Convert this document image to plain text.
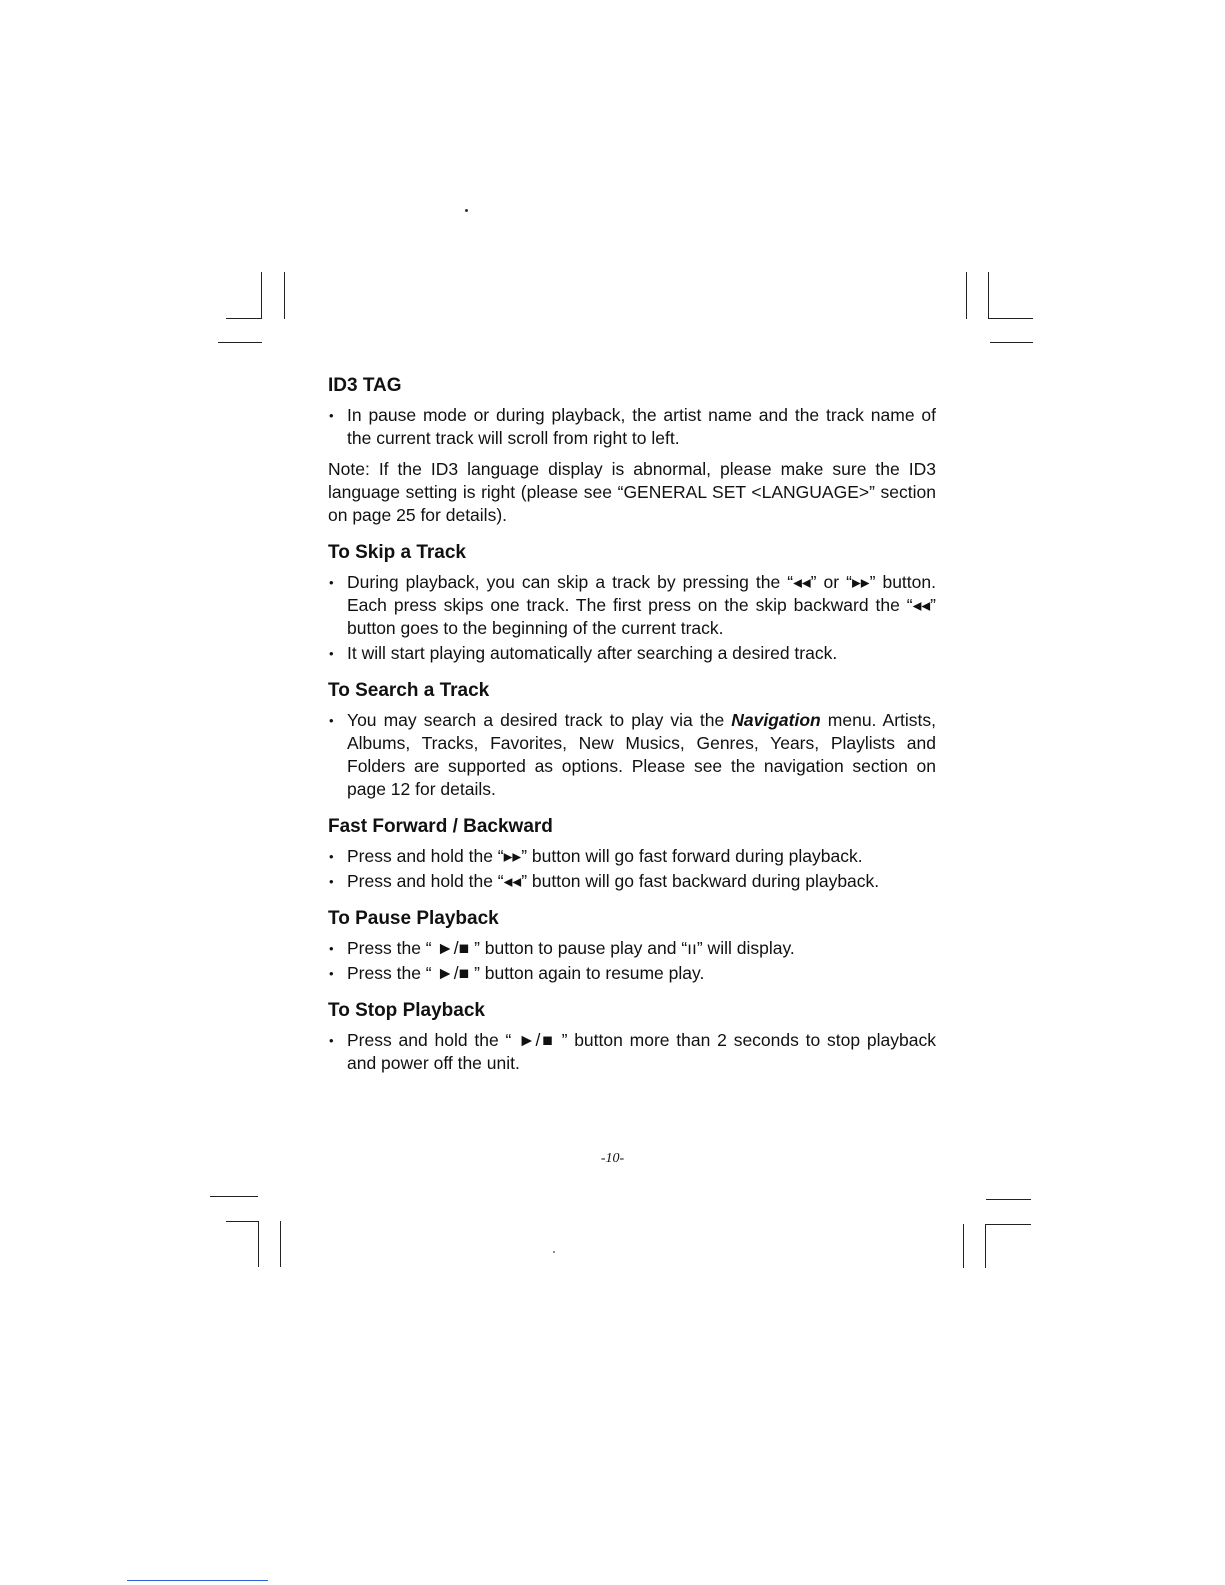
ID3 TAG
• In pause mode or during playback, the artist name and the track name of the current track will scroll from right to left.
Note: If the ID3 language display is abnormal, please make sure the ID3 language setting is right (please see “GENERAL SET <LANGUAGE>” section on page 25 for details).
To Skip a Track
• During playback, you can skip a track by pressing the “◂◂” or “▸▸” button. Each press skips one track. The first press on the skip backward the “◂◂” button goes to the beginning of the current track.
• It will start playing automatically after searching a desired track.
To Search a Track
• You may search a desired track to play via the Navigation menu. Artists, Albums, Tracks, Favorites, New Musics, Genres, Years, Playlists and Folders are supported as options. Please see the navigation section on page 12 for details.
Fast Forward / Backward
• Press and hold the “▸▸” button will go fast forward during playback.
• Press and hold the “◂◂” button will go fast backward during playback.
To Pause Playback
• Press the “ ►/■ ” button to pause play and “ıı” will display.
• Press the “ ►/■ ” button again to resume play.
To Stop Playback
• Press and hold the “ ►/■ ” button more than 2 seconds to stop playback and power off the unit.
-10-
